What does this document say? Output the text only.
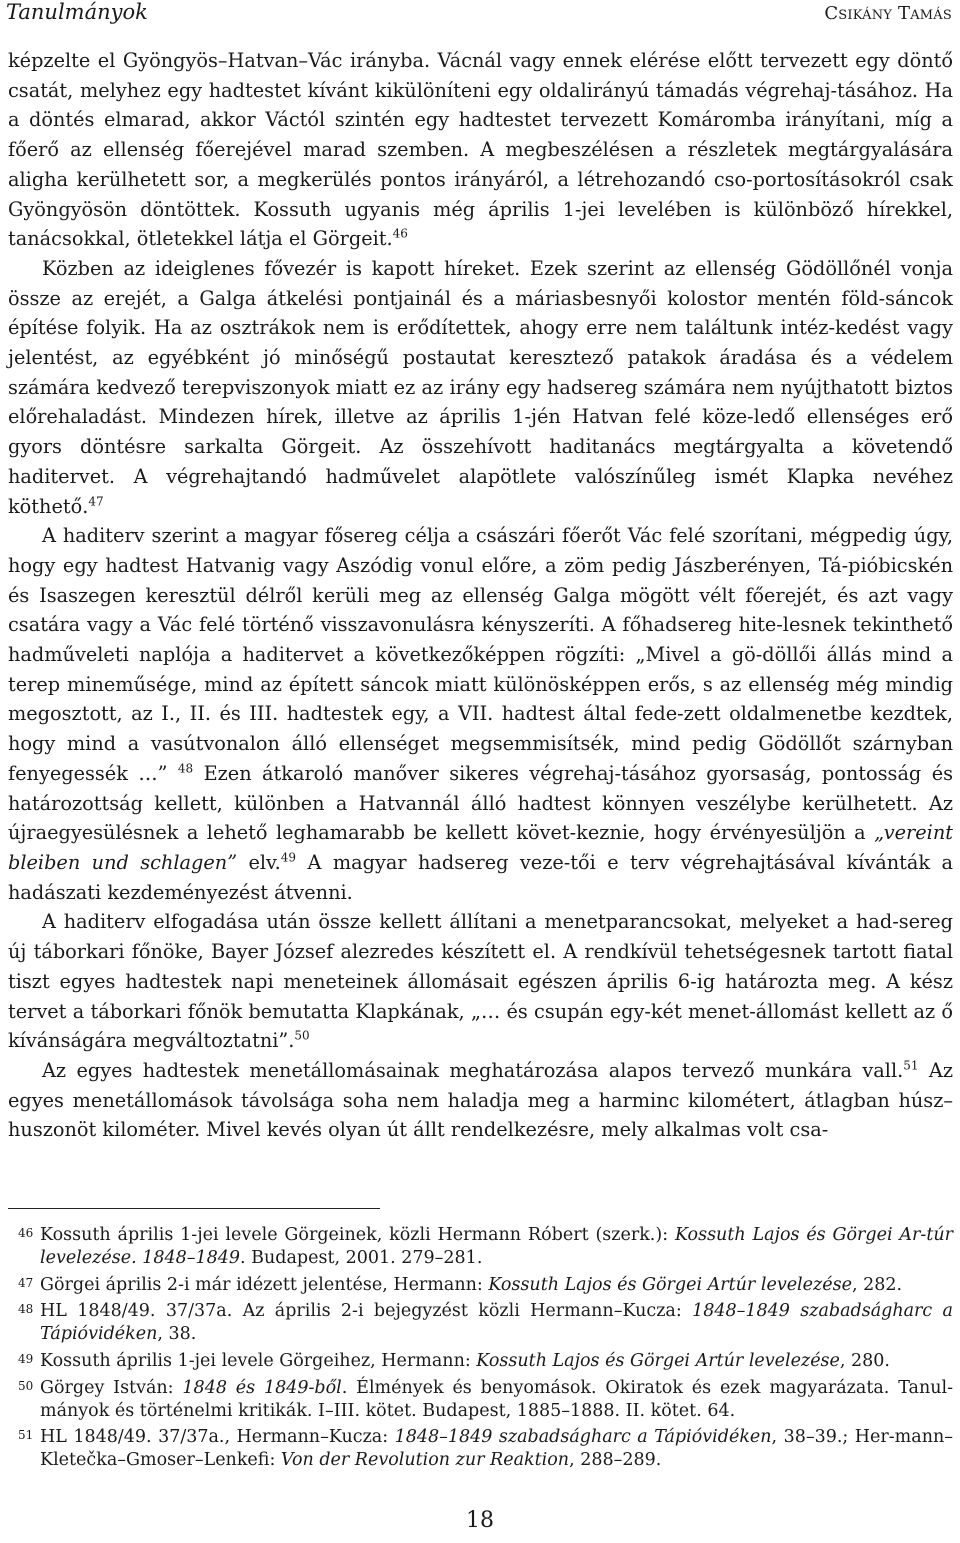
Tanulmányok	Csikány Tamás

képzelte el Gyöngyös–Hatvan–Vác irányba. Vácnál vagy ennek elérése előtt tervezett egy döntő csatát, melyhez egy hadtestet kívánt kikülöníteni egy oldalirányú támadás végrehaj-tásához. Ha a döntés elmarad, akkor Váctól szintén egy hadtestet tervezett Komáromba irányítani, míg a főerő az ellenség főerejével marad szemben. A megbeszélésen a részletek megtárgyalására aligha kerülhetett sor, a megkerülés pontos irányáról, a létrehozandó cso-portosításokról csak Gyöngyösön döntöttek. Kossuth ugyanis még április 1-jei levelében is különböző hírekkel, tanácsokkal, ötletekkel látja el Görgeit.$^{46}$

Közben az ideiglenes fővezér is kapott híreket. Ezek szerint az ellenség Gödöllőnél vonja össze az erejét, a Galga átkelési pontjainál és a máriasbesnyői kolostor mentén föld-sáncok építése folyik. Ha az osztrákok nem is erődítettek, ahogy erre nem találtunk intéz-kedést vagy jelentést, az egyébként jó minőségű postautat keresztező patakok áradása és a védelem számára kedvező terepviszonyok miatt ez az irány egy hadsereg számára nem nyújthatott biztos előrehaladást. Mindezen hírek, illetve az április 1-jén Hatvan felé köze-ledő ellenséges erő gyors döntésre sarkalta Görgeit. Az összehívott haditanács megtárgyalta a követendő haditervet. A végrehajtandó hadművelet alapötlete valószínűleg ismét Klapka nevéhez köthető.$^{47}$

A haditerv szerint a magyar fősereg célja a császári főerőt Vác felé szorítani, mégpedig úgy, hogy egy hadtest Hatvanig vagy Aszódig vonul előre, a zöm pedig Jászberényen, Tá-pióbicskén és Isaszegen keresztül délről kerüli meg az ellenség Galga mögött vélt főerejét, és azt vagy csatára vagy a Vác felé történő visszavonulásra kényszeríti. A főhadsereg hite-lesnek tekinthető hadműveleti naplója a haditervet a következőképpen rögzíti: „Mivel a gö-döllői állás mind a terep mineműsége, mind az épített sáncok miatt különösképpen erős, s az ellenség még mindig megosztott, az I., II. és III. hadtestek egy, a VII. hadtest által fede-zett oldalmenetbe kezdtek, hogy mind a vasútvonalon álló ellenséget megsemmisítsék, mind pedig Gödöllőt szárnyban fenyegessék …” $^{48}$ Ezen átkaroló manőver sikeres végrehaj-tásához gyorsaság, pontosság és határozottság kellett, különben a Hatvannál álló hadtest könnyen veszélybe kerülhetett. Az újraegyesülésnek a lehető leghamarabb be kellett követ-keznie, hogy érvényesüljön a „vereint bleiben und schlagen” elv.$^{49}$ A magyar hadsereg veze-tői e terv végrehajtásával kívánták a hadászati kezdeményezést átvenni.

A haditerv elfogadása után össze kellett állítani a menetparancsokat, melyeket a had-sereg új táborkari főnöke, Bayer József alezredes készített el. A rendkívül tehetségesnek tartott fiatal tiszt egyes hadtestek napi meneteinek állomásait egészen április 6-ig határozta meg. A kész tervet a táborkari főnök bemutatta Klapkának, „… és csupán egy-két menet-állomást kellett az ő kívánságára megváltoztatni”.$^{50}$

Az egyes hadtestek menetállomásainak meghatározása alapos tervező munkára vall.$^{51}$ Az egyes menetállomások távolsága soha nem haladja meg a harminc kilométert, átlagban húsz–huszonöt kilométer. Mivel kevés olyan út állt rendelkezésre, mely alkalmas volt csa-

46 Kossuth április 1-jei levele Görgeinek, közli Hermann Róbert (szerk.): Kossuth Lajos és Görgei Ar-túr levelezése. 1848–1849. Budapest, 2001. 279–281.
47 Görgei április 2-i már idézett jelentése, Hermann: Kossuth Lajos és Görgei Artúr levelezése, 282.
48 HL 1848/49. 37/37a. Az április 2-i bejegyzést közli Hermann–Kucza: 1848–1849 szabadságharc a Tápióvidéken, 38.
49 Kossuth április 1-jei levele Görgeihez, Hermann: Kossuth Lajos és Görgei Artúr levelezése, 280.
50 Görgey István: 1848 és 1849-ből. Élmények és benyomások. Okiratok és ezek magyarázata. Tanul-mányok és történelmi kritikák. I–III. kötet. Budapest, 1885–1888. II. kötet. 64.
51 HL 1848/49. 37/37a., Hermann–Kucza: 1848–1849 szabadságharc a Tápióvidéken, 38–39.; Her-mann–Kletečka–Gmoser–Lenkefi: Von der Revolution zur Reaktion, 288–289.
18
